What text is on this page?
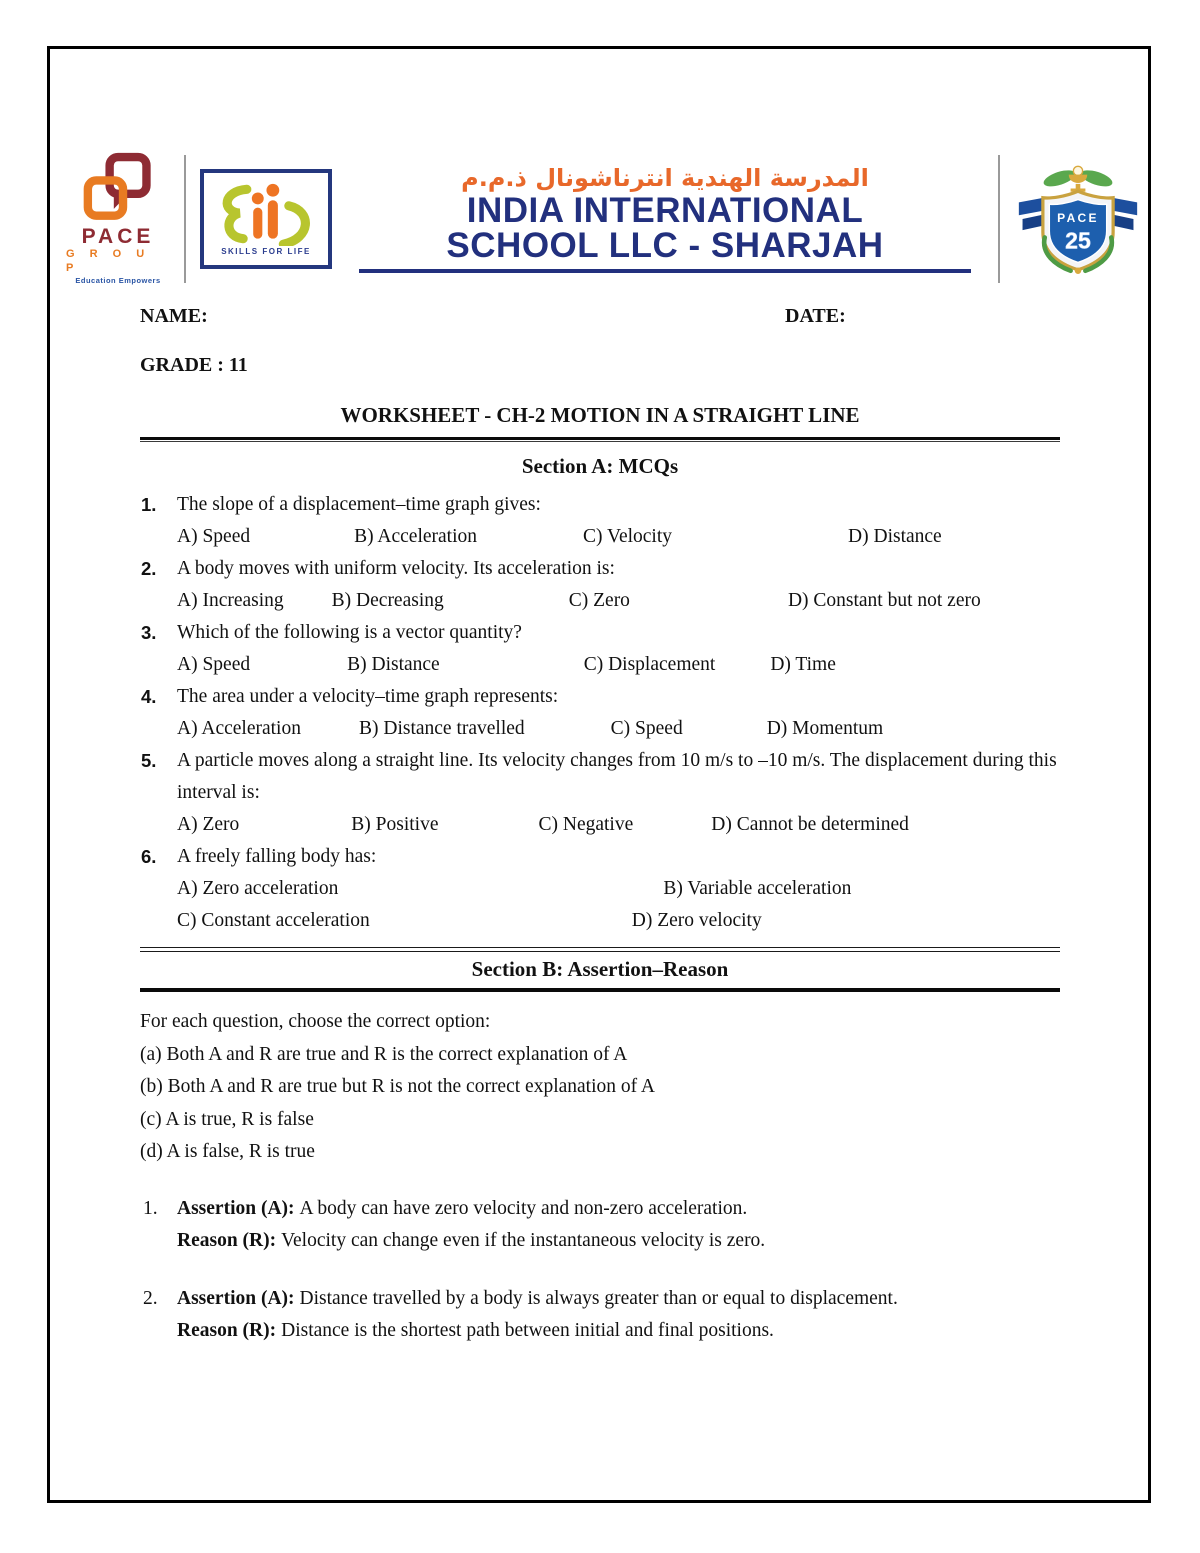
PACE
G R O U P
Education Empowers
SKILLS FOR LIFE
المدرسة الهندية انترناشونال ذ.م.م
INDIA INTERNATIONAL
SCHOOL LLC - SHARJAH
PACE
25
NAME:	DATE:
GRADE : 11
WORKSHEET - CH-2 MOTION IN A STRAIGHT LINE
Section A: MCQs
1.	The slope of a displacement–time graph gives:
A) Speed	B) Acceleration	C) Velocity	D) Distance
2.	A body moves with uniform velocity. Its acceleration is:
A) Increasing B) Decreasing	C) Zero	D) Constant but not zero
3.	Which of the following is a vector quantity?
A) Speed	B) Distance	C) Displacement	D) Time
4.	The area under a velocity–time graph represents:
A) Acceleration	B) Distance travelled	C) Speed	D) Momentum
5.	A particle moves along a straight line. Its velocity changes from 10 m/s to –10 m/s. The displacement during this interval is:
A) Zero	B) Positive	C) Negative	D) Cannot be determined
6.	A freely falling body has:
A) Zero acceleration	B) Variable acceleration
C) Constant acceleration	D) Zero velocity
Section B: Assertion–Reason
For each question, choose the correct option:
(a) Both A and R are true and R is the correct explanation of A
(b) Both A and R are true but R is not the correct explanation of A
(c) A is true, R is false
(d) A is false, R is true
1. Assertion (A): A body can have zero velocity and non-zero acceleration.
Reason (R): Velocity can change even if the instantaneous velocity is zero.
2. Assertion (A): Distance travelled by a body is always greater than or equal to displacement.
Reason (R): Distance is the shortest path between initial and final positions.
